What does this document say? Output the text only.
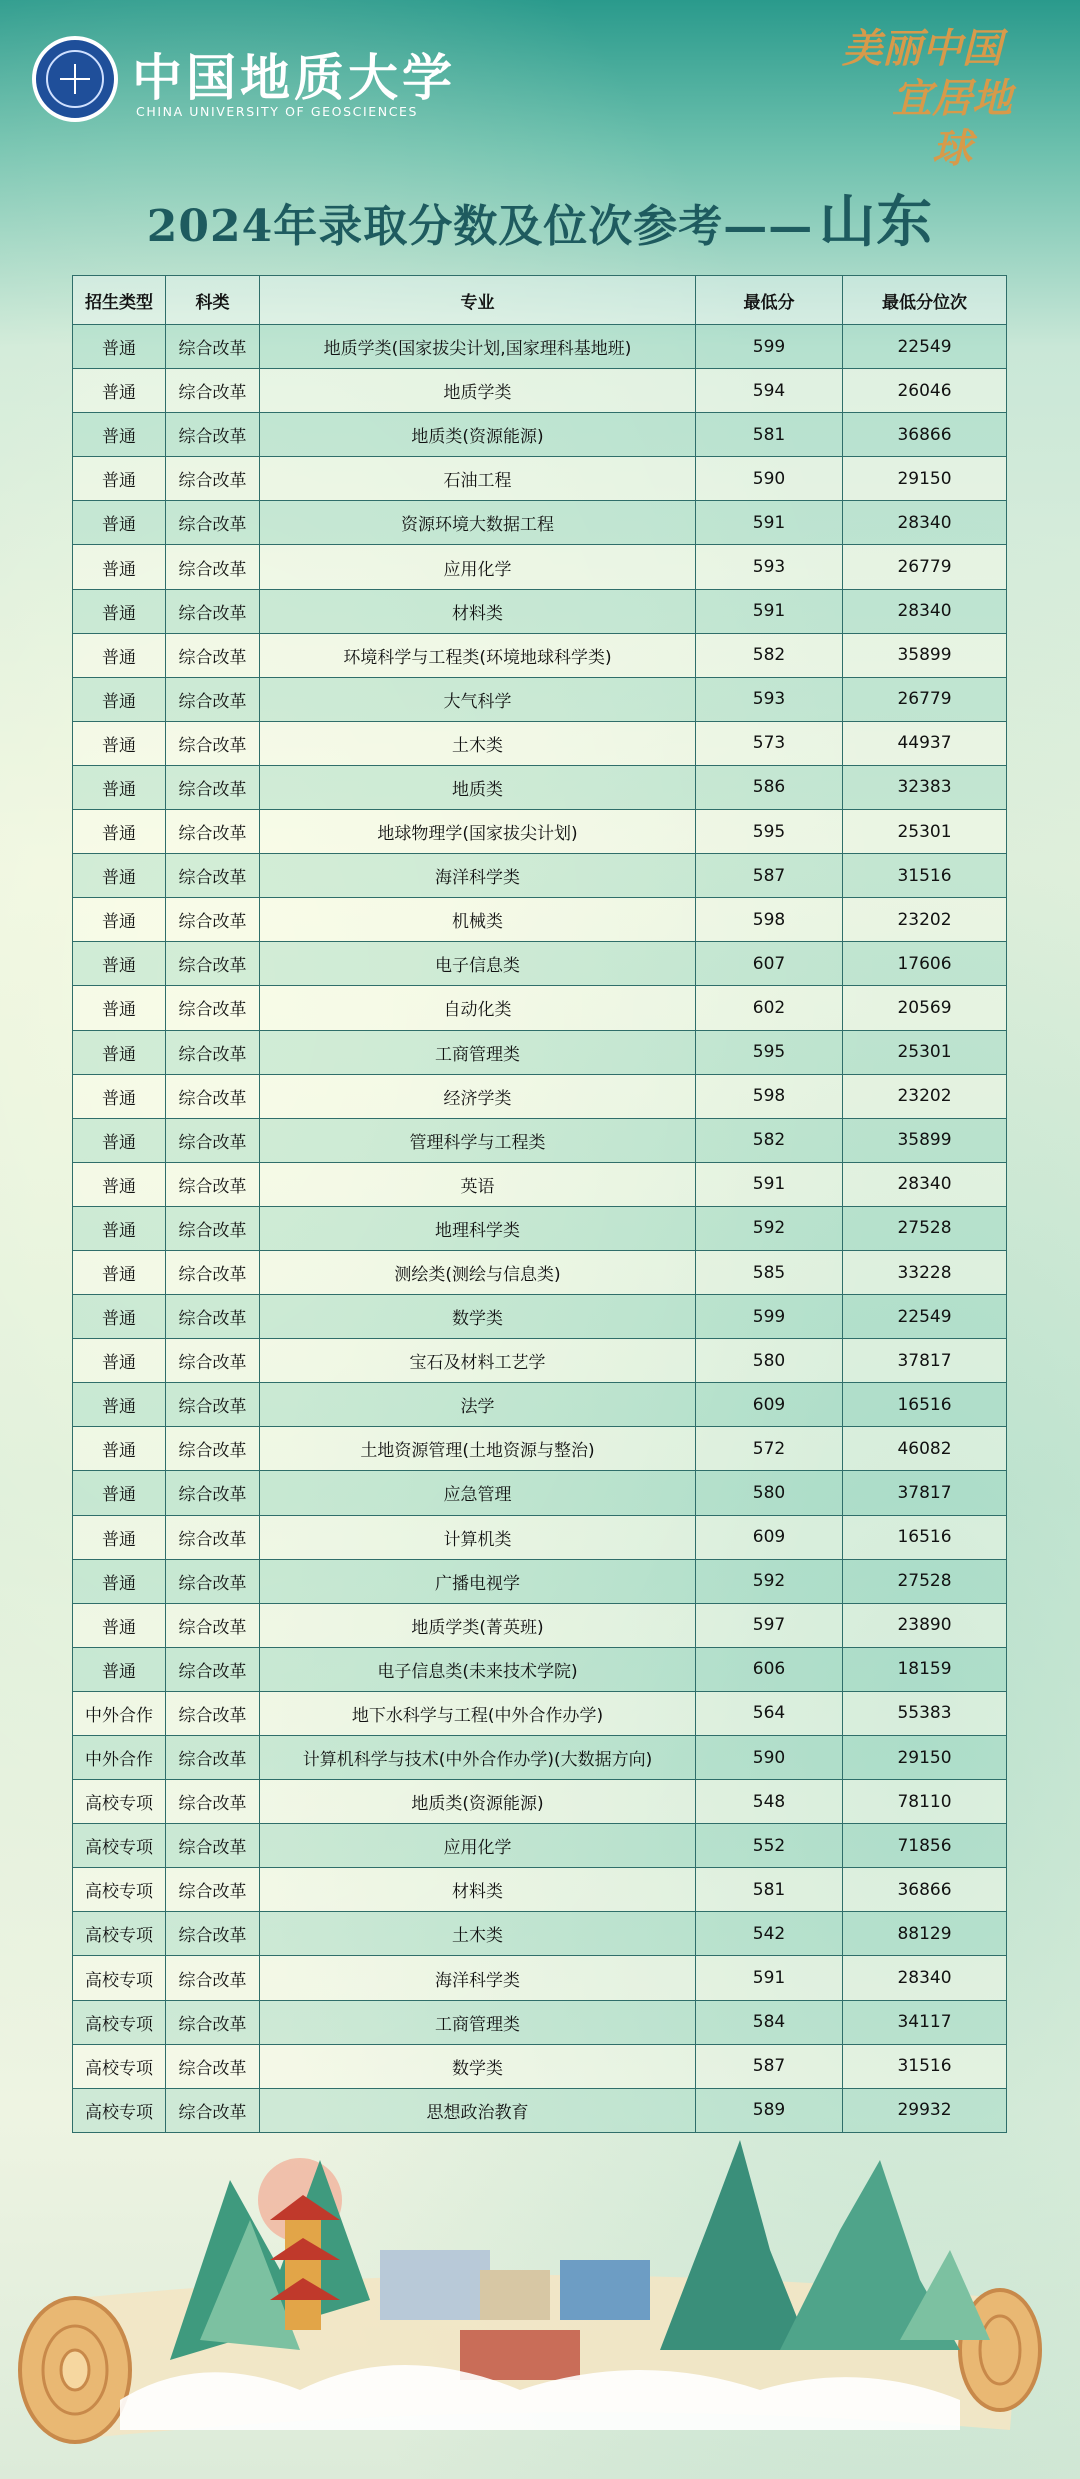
中国地质大学
CHINA UNIVERSITY OF GEOSCIENCES
美丽中国
宜居地球
2024年录取分数及位次参考—— 山东
招生类型	科类	专业	最低分	最低分位次
普通	综合改革	地质学类(国家拔尖计划,国家理科基地班)	599	22549
普通	综合改革	地质学类	594	26046
普通	综合改革	地质类(资源能源)	581	36866
普通	综合改革	石油工程	590	29150
普通	综合改革	资源环境大数据工程	591	28340
普通	综合改革	应用化学	593	26779
普通	综合改革	材料类	591	28340
普通	综合改革	环境科学与工程类(环境地球科学类)	582	35899
普通	综合改革	大气科学	593	26779
普通	综合改革	土木类	573	44937
普通	综合改革	地质类	586	32383
普通	综合改革	地球物理学(国家拔尖计划)	595	25301
普通	综合改革	海洋科学类	587	31516
普通	综合改革	机械类	598	23202
普通	综合改革	电子信息类	607	17606
普通	综合改革	自动化类	602	20569
普通	综合改革	工商管理类	595	25301
普通	综合改革	经济学类	598	23202
普通	综合改革	管理科学与工程类	582	35899
普通	综合改革	英语	591	28340
普通	综合改革	地理科学类	592	27528
普通	综合改革	测绘类(测绘与信息类)	585	33228
普通	综合改革	数学类	599	22549
普通	综合改革	宝石及材料工艺学	580	37817
普通	综合改革	法学	609	16516
普通	综合改革	土地资源管理(土地资源与整治)	572	46082
普通	综合改革	应急管理	580	37817
普通	综合改革	计算机类	609	16516
普通	综合改革	广播电视学	592	27528
普通	综合改革	地质学类(菁英班)	597	23890
普通	综合改革	电子信息类(未来技术学院)	606	18159
中外合作	综合改革	地下水科学与工程(中外合作办学)	564	55383
中外合作	综合改革	计算机科学与技术(中外合作办学)(大数据方向)	590	29150
高校专项	综合改革	地质类(资源能源)	548	78110
高校专项	综合改革	应用化学	552	71856
高校专项	综合改革	材料类	581	36866
高校专项	综合改革	土木类	542	88129
高校专项	综合改革	海洋科学类	591	28340
高校专项	综合改革	工商管理类	584	34117
高校专项	综合改革	数学类	587	31516
高校专项	综合改革	思想政治教育	589	29932
